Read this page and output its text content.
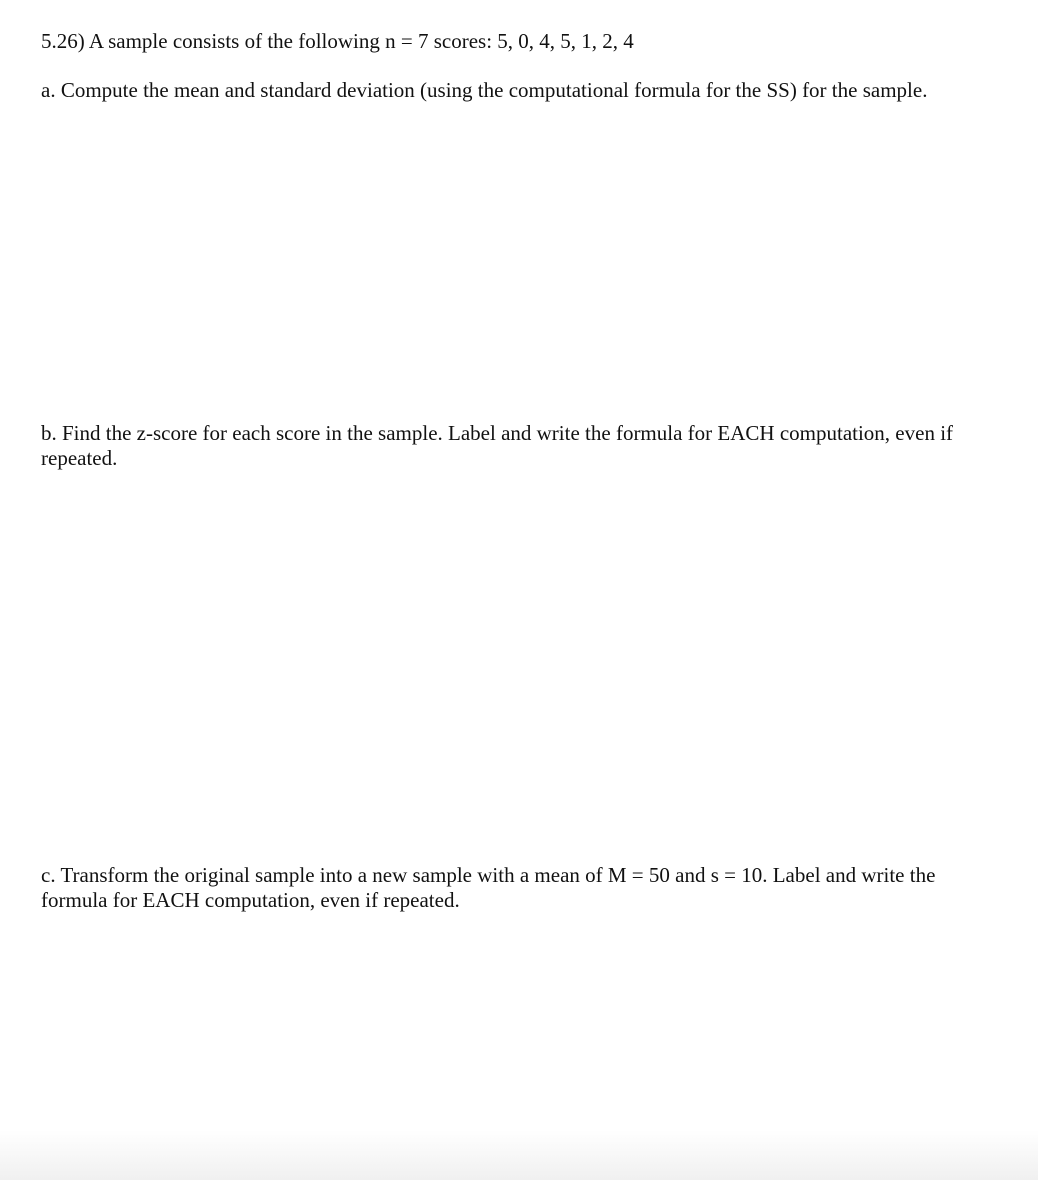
5.26) A sample consists of the following n = 7 scores: 5, 0, 4, 5, 1, 2, 4

a. Compute the mean and standard deviation (using the computational formula for the SS) for the sample.

b. Find the z-score for each score in the sample. Label and write the formula for EACH computation, even if repeated.

c. Transform the original sample into a new sample with a mean of M = 50 and s = 10. Label and write the formula for EACH computation, even if repeated.
